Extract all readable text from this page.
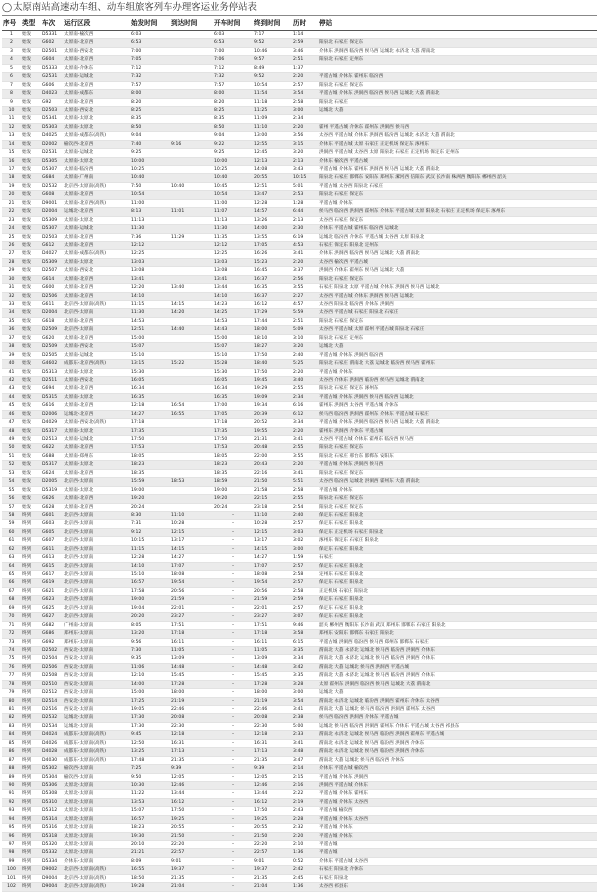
◯太原南站高速动车组、动车组旅客列车办理客运业务停站表
序号	类型	车次	运行区段	始发时间	到达时间	开车时间	终到时间	历时	停站
1	始发	D5331	太原南-榆次西	6:03		6:03	7:17	1:14	
2	始发	G602	太原南-北京西	6:53		6:53	9:52	2:59	阳泉北 石家庄 保定东
3	始发	D2501	太原南-西安北	7:00		7:00	10:46	3:46	介休东 洪洞西 临汾西 侯马西 运城北 永济北 大荔 渭南北
4	始发	G604	太原南-北京西	7:05		7:06	9:57	2:51	阳泉北 石家庄 定州东
5	始发	D5333	太原南-介休东	7:12		7:12	8:49	1:37	
6	始发	G2531	太原南-运城北	7:32		7:32	9:52	2:20	平遥古城 介休东 霍州东 临汾西
7	始发	G606	太原南-北京西	7:57		7:57	10:54	2:57	阳泉北 石家庄 保定东
8	始发	D4023	太原南-成都东	8:00		8:00	11:54	3:54	平遥古城 介休东 洪洞西 临汾西 侯马西 运城北 大荔 渭南北
9	始发	G92	太原南-北京西	8:20		8:20	11:18	2:58	阳泉北 石家庄
10	始发	D2503	太原南-西安北	8:25		8:25	11:25	3:00	运城北 大荔
11	始发	D5341	太原南-太原北	8:35		8:35	11:09	2:34	
12	始发	D5303	太原南-太原北	8:50		8:50	11:10	2:20	霍州 平遥古城 介休东 霍州东 洪洞西 侯马西
13	始发	D4025	太原南-成都东(高铁)	9:04		9:04	13:00	3:56	太谷西 平遥古城 介休东 洪洞西 临汾西 运城北 永济北 大荔 渭南北
14	始发	D2002	榆次西-北京西	7:40	9:16	9:22	12:55	3:15	介休东 平遥古城 太原 石家庄 正定机场 保定东 涿州东
15	始发	D2531	太原南-运城北	9:25		9:25	12:45	3:20	洪洞西 平遥古城 太谷西 太原 阳泉北 石家庄 正定机场 保定东 定州东
16	始发	D5305	太原南-太原北	10:00		10:00	12:13	2:13	介休东 榆次西 平遥古城
17	始发	D5307	太原南-临汾西	10:25		10:25	14:08	3:43	平遥古城 介休东 霍州东 洪洞西 侯马西 运城北 大荔 渭南北
18	始发	G684	太原南-广州南	10:40		10:40	20:55	10:15	阳泉北 石家庄 邯郸东 安阳东 郑州东 漯河西 信阳东 武汉 长沙南 株洲西 衡阳东 郴州西 韶关
19	始发	D2532	北京西-太原南(高铁)	7:50	10:40	10:45	12:51	5:01	平遥古城 太谷西 阳泉北 石家庄
20	始发	G608	太原南-北京西	10:54		10:54	13:47	2:53	阳泉北 石家庄 保定东
21	始发	D9001	太原南-北京西(高铁)	11:00		11:00	12:28	1:28	平遥古城 介休东
22	始发	D2004	运城北-北京西	8:13	11:01	11:07	14:57	6:44	侯马西 临汾西 洪洞西 霍州东 介休东 平遥古城 太原 阳泉北 石家庄 正定机场 保定东 涿州东
23	始发	D5309	太原南-太原北	11:13		11:13	13:26	2:13	太谷西 石家庄 保定东
24	始发	D5307	太原南-运城北	11:30		11:30	14:00	2:30	介休东 平遥古城 霍州东 临汾西 运城北
25	始发	D2503	太原南-北京西	7:36	11:29	11:35	13:55	6:19	运城北 临汾西 介休东 平遥古城 太谷西 太原 阳泉北
26	始发	G612	太原南-北京西	12:12		12:12	17:05	4:53	石家庄 保定东 阳泉北 定州东
27	始发	D4027	太原南-成都东(高铁)	12:25		12:25	16:26	3:41	介休东 洪洞西 临汾西 侯马西 运城北 大荔 渭南北
28	始发	D5309	太原南-太原北	13:03		13:03	15:23	2:20	太谷西 榆次西 平遥古城
29	始发	D2507	太原南-西安北	13:08		13:08	16:45	3:37	洪洞西 介休东 霍州东 侯马西 运城北 大荔
30	始发	G614	太原南-北京西	13:41		13:41	16:37	2:56	阳泉北 石家庄 保定东
31	始发	G600	太原南-北京西	12:20	13:40	13:44	16:35	3:55	石家庄 阳泉北 太原 平遥古城 介休东 洪洞西 侯马西 运城北
32	始发	D2506	太原南-北京西	14:10		14:10	16:37	2:27	太谷西 平遥古城 介休东 洪洞西 侯马西 运城北
33	始发	G611	北京西-太原南(高铁)	11:15	14:15	14:23	16:12	4:57	太谷西 阳泉北 临汾西 介休东 洪洞西
34	始发	D2004	北京西-太原南	11:30	14:20	14:25	17:29	5:59	太谷西 平遥古城 石家庄 阳泉北 石家庄
35	始发	G618	太原南-北京西	14:53		14:53	17:44	2:51	阳泉北 石家庄 保定东
36	始发	D2509	北京西-太原南	12:51	14:40	14:43	18:00	5:09	太谷西 平遥古城 太原 霍州 平遥古城 阳泉北 石家庄
37	始发	G620	太原南-北京西	15:00		15:00	18:10	3:10	阳泉北 石家庄 定州东
38	始发	D2509	太原南-西安北	15:07		15:07	18:27	3:20	运城北 大荔
39	始发	D2505	太原南-运城北	15:10		15:10	17:50	2:40	平遥古城 介休东 洪洞西 临汾西
40	始发	G4602	成都东-北京西(高铁)	13:15	15:22	15:28	18:40	5:25	阳泉北 石家庄 渭南北 大荔 运城北 临汾西 侯马西 霍州东
41	始发	D5313	太原南-太原北	15:30		15:30	17:50	2:20	平遥古城 介休东
42	始发	D2511	太原南-西安北	16:05		16:05	19:45	3:40	太谷西 介休东 洪洞西 临汾西 侯马西 运城北 渭南北
43	始发	G694	太原南-北京西	16:34		16:34	19:29	2:55	阳泉北 石家庄 保定东 涿州东
44	始发	D5315	太原南-太原北	16:35		16:35	19:09	2:34	平遥古城 介休东 洪洞西 侯马西 临汾西 运城北
45	始发	G616	太原南-北京西	12:18	16:54	17:00	19:34	6:16	霍州东 洪洞西 太谷西 平遥古城 介休东
46	始发	D2006	运城北-北京西	14:27	16:55	17:05	20:39	6:12	侯马西 临汾西 洪洞西 霍州东 介休东 平遥古城 石家庄
47	始发	D4029	太原南-西安北(高铁)	17:18		17:18	20:52	3:34	平遥古城 介休东 洪洞西 临汾西 侯马西 运城北 大荔 渭南北
48	始发	D5317	太原南-太原北	17:35		17:35	19:55	2:20	霍州东 洪洞西 介休东 平遥古城
49	始发	D2513	太原南-运城北	17:50		17:50	21:31	3:41	太谷西 平遥古城 介休东 霍州东 临汾西 侯马西
50	始发	G622	太原南-北京西	17:53		17:53	20:48	2:55	阳泉北 石家庄 保定东
51	始发	G688	太原南-郑州东	18:05		18:05	22:00	3:55	阳泉北 石家庄 邢台东 邯郸东 安阳东
52	始发	D5317	太原南-太原北	18:23		18:23	20:43	2:20	平遥古城 介休东 洪洞西 侯马西
53	始发	G624	太原南-北京西	18:35		18:35	22:16	3:41	阳泉北 石家庄 保定东
54	始发	D2005	北京西-太原南	15:59	18:53	18:59	21:50	5:51	太谷西 临汾西 运城北 洪洞西 霍州东 大荔 渭南北
55	始发	D5319	太原南-太原北	19:00		19:00	21:58	2:58	平遥古城 介休东
56	始发	G626	太原南-北京西	19:20		19:20	22:15	2:55	阳泉北 石家庄 保定东
57	始发	G628	太原南-北京西	20:24		20:24	23:18	2:54	阳泉北 石家庄 保定东
58	终到	G601	北京西-太原南	8:30	11:10	–	11:10	2:40	保定东 石家庄 阳泉北
59	终到	G603	北京西-太原南	7:31	10:28	–	10:28	2:57	保定东 石家庄 阳泉北
60	终到	G605	北京西-太原南	9:12	12:15	–	12:15	3:03	保定东 正定机场 石家庄 阳泉北
61	终到	G607	北京西-太原南	10:15	13:17	–	13:17	3:02	涿州东 保定东 石家庄 阳泉北
62	终到	G611	北京西-太原南	11:15	14:15	–	14:15	3:00	保定东 石家庄 阳泉北
63	终到	G613	北京西-太原南	12:28	14:27	–	14:27	1:59	石家庄
64	终到	G615	北京西-太原南	14:10	17:07	–	17:07	2:57	保定东 石家庄 阳泉北
65	终到	G617	北京西-太原南	15:10	18:08	–	18:08	2:58	定州东 石家庄 阳泉北
66	终到	G619	北京西-太原南	16:57	19:54	–	19:54	2:57	保定东 石家庄 阳泉北
67	终到	G621	北京西-太原南	17:58	20:56	–	20:56	2:58	正定机场 石家庄 阳泉北
68	终到	G623	北京西-太原南	19:00	21:59	–	21:59	2:59	保定东 石家庄 阳泉北
69	终到	G625	北京西-太原南	19:04	22:01	–	22:01	2:57	保定东 石家庄 阳泉北
70	终到	G627	北京西-太原南	20:20	23:27	–	23:27	3:07	保定东 石家庄 阳泉北
71	终到	G682	广州南-太原南	8:05	17:51	–	17:51	9:46	韶关 郴州西 衡阳东 长沙南 武汉 郑州东 邯郸东 石家庄 阳泉北
72	终到	G686	郑州东-太原南	13:20	17:18	–	17:18	3:58	郑州东 安阳东 邯郸东 石家庄 阳泉北
73	终到	G692	郑州东-太原南	9:56	16:11	–	16:11	6:15	平遥古城 洪洞西 临汾西 侯马西 郑州东 邯郸东 石家庄
74	终到	D2502	西安北-太原南	7:30	11:05	–	11:05	3:35	渭南北 大荔 永济北 运城北 侯马西 临汾西 洪洞西 介休东
75	终到	D2504	西安北-太原南	9:35	13:09	–	13:09	3:34	渭南北 大荔 永济北 运城北 侯马西 临汾西 洪洞西 介休东
76	终到	D2506	西安北-太原南	11:06	14:48	–	14:48	3:42	渭南北 大荔 运城北 侯马西 洪洞西 平遥古城
77	终到	D2508	西安北-太原南	12:10	15:45	–	15:45	3:35	渭南北 大荔 永济北 运城北 侯马西 临汾西 洪洞西 介休东
78	终到	D2510	西安北-太原南	14:00	17:28	–	17:28	3:28	太原 霍州东 洪洞西 临汾西 侯马西 运城北 大荔 渭南北
79	终到	D2512	西安北-太原南	15:00	18:00	–	18:00	3:00	运城北 大荔
80	终到	D2514	西安北-太原南	17:25	21:19	–	21:19	3:54	渭南北 永济北 运城北 临汾西 洪洞西 霍州东 介休东 太谷西
81	终到	D2516	西安北-太原南	19:05	22:46	–	22:46	3:41	渭南北 大荔 运城北 侯马西 临汾西 洪洞西 霍州东 太谷西
82	终到	D2532	运城北-太原南	17:30	20:08	–	20:08	2:38	侯马西 临汾西 洪洞西 介休东 平遥古城
83	终到	D2534	运城北-太原南	17:30	22:30	–	22:30	5:00	运城北 侯马西 临汾西 洪洞西 霍州东 介休东 平遥古城 太谷西 祁县东
84	终到	D4024	成都东-太原南(高铁)	9:45	12:18	–	12:18	2:33	渭南北 永济北 运城北 侯马西 临汾西 洪洞西 霍州东 平遥古城
85	终到	D4026	成都东-太原南(高铁)	12:50	16:31	–	16:31	3:41	渭南北 永济北 运城北 侯马西 临汾西 洪洞西 介休东
86	终到	D4028	成都东-太原南(高铁)	13:25	17:13	–	17:13	3:48	渭南北 永济北 运城北 侯马西 临汾西 洪洞西 介休东
87	终到	D4030	成都东-太原南(高铁)	17:48	21:35	–	21:35	3:47	渭南北 大荔 运城北 侯马西 临汾西 介休东
88	终到	D5302	榆次西-太原南	7:25	9:39	–	9:39	2:14	介休东 平遥古城 榆次西
89	终到	D5304	榆次西-太原南	9:50	12:05	–	12:05	2:15	平遥古城 介休东 洪洞西
90	终到	D5306	太原北-太原南	10:30	12:46	–	12:46	2:16	洪洞西 平遥古城 介休东
91	终到	D5308	太原北-太原南	11:22	13:44	–	13:44	2:22	平遥古城 介休东 霍州东
92	终到	D5310	太原北-太原南	13:53	16:12	–	16:12	2:19	平遥古城 介休东 太谷西
93	终到	D5312	太原北-太原南	15:07	17:50	–	17:50	2:43	平遥古城 榆次西
94	终到	D5314	太原北-太原南	16:57	19:25	–	19:25	2:28	平遥古城 介休东 太谷西
95	终到	D5316	太原北-太原南	18:23	20:55	–	20:55	2:32	平遥古城 介休东
96	终到	D5318	太原北-太原南	19:30	21:50	–	21:50	2:20	平遥古城 介休东
97	终到	D5320	太原北-太原南	20:10	22:20	–	22:20	2:10	平遥古城
98	终到	D5332	太原北-太原南	21:21	22:57	–	22:57	1:36	平遥古城
99	终到	D5334	介休东-太原南	8:09	9:01	–	9:01	0:52	介休东 平遥古城 太谷西
100	终到	D9002	北京西-太原南(高铁)	16:55	19:37	–	19:37	2:42	石家庄 阳泉北 介休东
101	终到	D9004	北京西-太原南(高铁)	18:50	21:35	–	21:35	2:45	石家庄 阳泉北
102	终到	D9004	北京西-太原南(高铁)	19:28	21:04	–	21:04	1:36	太谷西 祁县东
